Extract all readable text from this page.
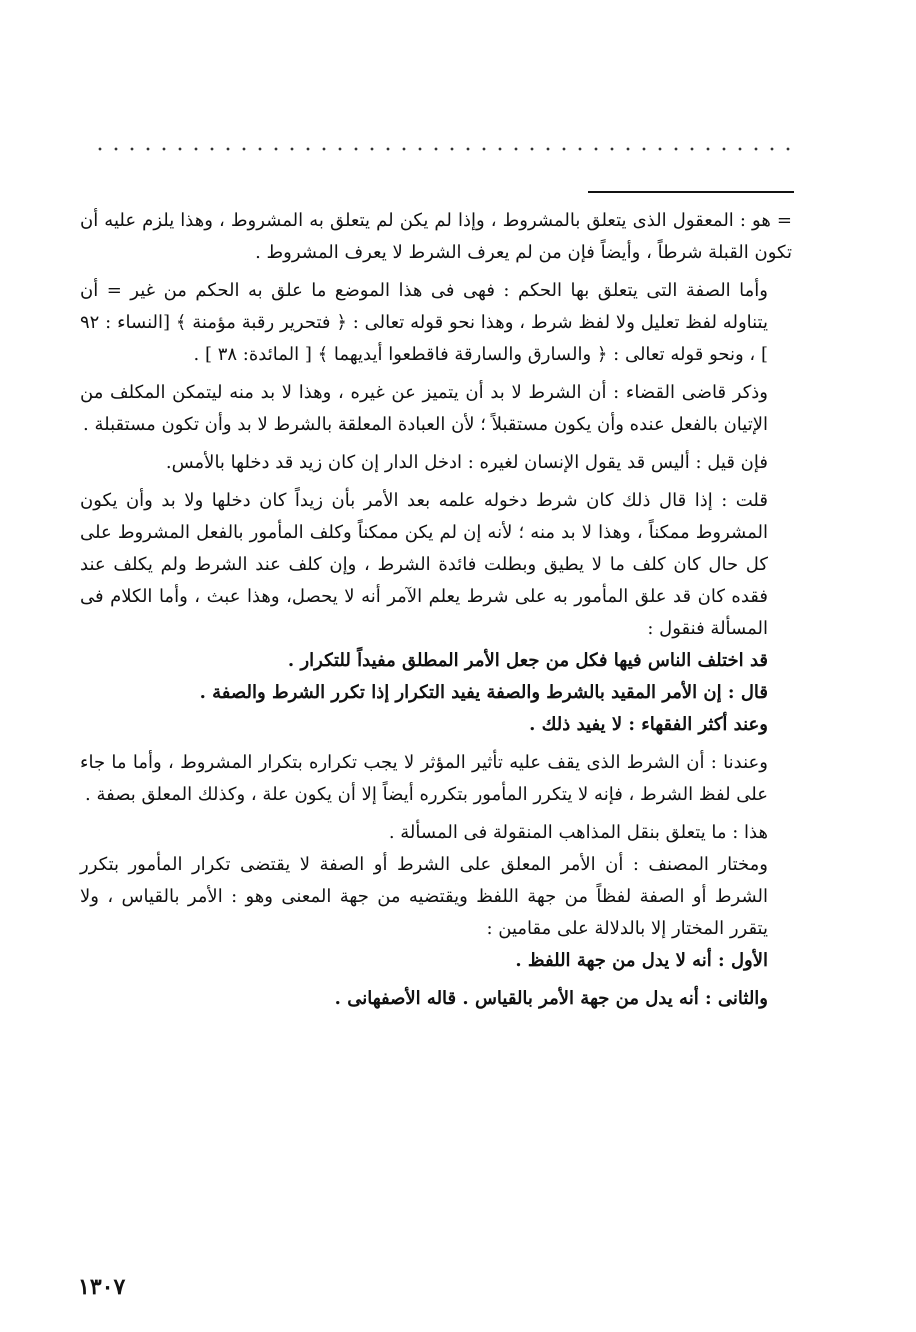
= هو : المعقول الذى يتعلق بالمشروط ، وإذا لم يكن لم يتعلق به المشروط ، وهذا يلزم عليه أن تكون القبلة شرطاً ، وأيضاً فإن من لم يعرف الشرط لا يعرف المشروط .

وأما الصفة التى يتعلق بها الحكم : فهى فى هذا الموضع ما علق به الحكم من غير = أن يتناوله لفظ تعليل ولا لفظ شرط ، وهذا نحو قوله تعالى : ﴿ فتحرير رقبة مؤمنة ﴾ [النساء : ٩٢ ] ، ونحو قوله تعالى : ﴿ والسارق والسارقة فاقطعوا أيديهما ﴾ [ المائدة: ٣٨ ] .

وذكر قاضى القضاء : أن الشرط لا بد أن يتميز عن غيره ، وهذا لا بد منه ليتمكن المكلف من الإتيان بالفعل عنده وأن يكون مستقبلاً ؛ لأن العبادة المعلقة بالشرط لا بد وأن تكون مستقبلة .

فإن قيل : أليس قد يقول الإنسان لغيره : ادخل الدار إن كان زيد قد دخلها بالأمس.

قلت : إذا قال ذلك كان شرط دخوله علمه بعد الأمر بأن زيداً كان دخلها ولا بد وأن يكون المشروط ممكناً ، وهذا لا بد منه ؛ لأنه إن لم يكن ممكناً وكلف المأمور بالفعل المشروط على كل حال كان كلف ما لا يطيق وبطلت فائدة الشرط ، وإن كلف عند الشرط ولم يكلف عند فقده كان قد علق المأمور به على شرط يعلم الآمر أنه لا يحصل، وهذا عبث ، وأما الكلام فى المسألة فنقول :

قد اختلف الناس فيها فكل من جعل الأمر المطلق مفيداً للتكرار .

قال : إن الأمر المقيد بالشرط والصفة يفيد التكرار إذا تكرر الشرط والصفة .

وعند أكثر الفقهاء : لا يفيد ذلك .

وعندنا : أن الشرط الذى يقف عليه تأثير المؤثر لا يجب تكراره بتكرار المشروط ، وأما ما جاء على لفظ الشرط ، فإنه لا يتكرر المأمور بتكرره أيضاً إلا أن يكون علة ، وكذلك المعلق بصفة .

هذا : ما يتعلق بنقل المذاهب المنقولة فى المسألة .

ومختار المصنف : أن الأمر المعلق على الشرط أو الصفة لا يقتضى تكرار المأمور بتكرر الشرط أو الصفة لفظاً من جهة اللفظ ويقتضيه من جهة المعنى وهو : الأمر بالقياس ، ولا يتقرر المختار إلا بالدلالة على مقامين :

الأول : أنه لا يدل من جهة اللفظ .

والثانى : أنه يدل من جهة الأمر بالقياس . قاله الأصفهانى .

١٣٠٧
